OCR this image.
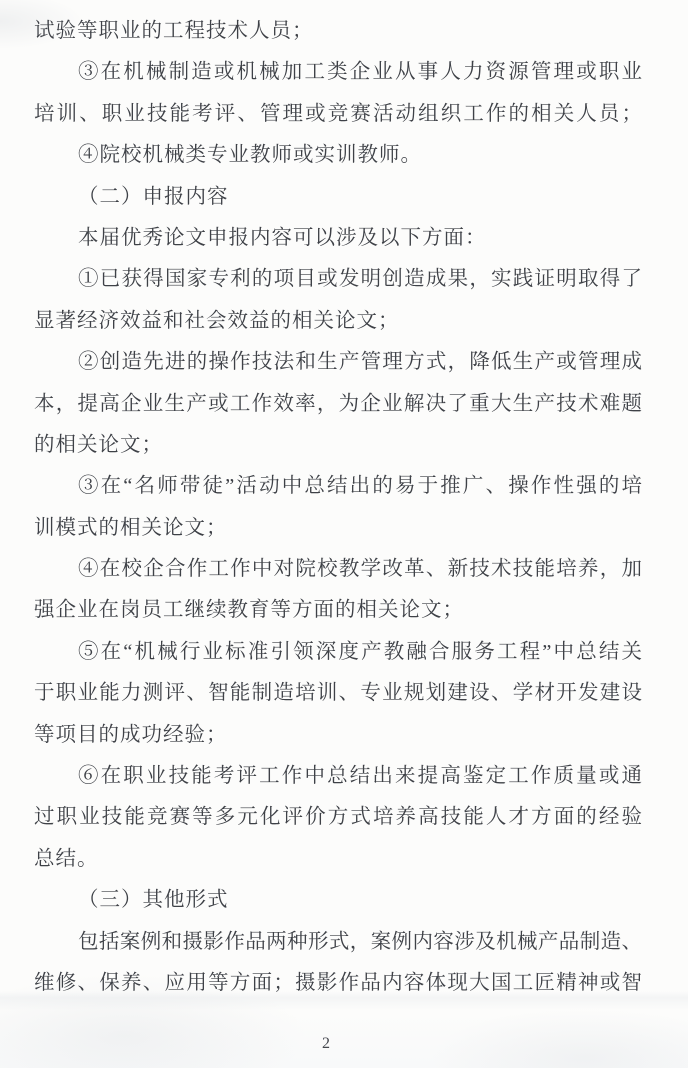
试验等职业的工程技术人员；
③在机械制造或机械加工类企业从事人力资源管理或职业
培训、职业技能考评、管理或竞赛活动组织工作的相关人员；
④院校机械类专业教师或实训教师。
（二）申报内容
本届优秀论文申报内容可以涉及以下方面：
①已获得国家专利的项目或发明创造成果，实践证明取得了
显著经济效益和社会效益的相关论文；
②创造先进的操作技法和生产管理方式，降低生产或管理成
本，提高企业生产或工作效率，为企业解决了重大生产技术难题
的相关论文；
③在“名师带徒”活动中总结出的易于推广、操作性强的培
训模式的相关论文；
④在校企合作工作中对院校教学改革、新技术技能培养，加
强企业在岗员工继续教育等方面的相关论文；
⑤在“机械行业标准引领深度产教融合服务工程”中总结关
于职业能力测评、智能制造培训、专业规划建设、学材开发建设
等项目的成功经验；
⑥在职业技能考评工作中总结出来提高鉴定工作质量或通
过职业技能竞赛等多元化评价方式培养高技能人才方面的经验
总结。
（三）其他形式
包括案例和摄影作品两种形式，案例内容涉及机械产品制造、
维修、保养、应用等方面；摄影作品内容体现大国工匠精神或智
2
